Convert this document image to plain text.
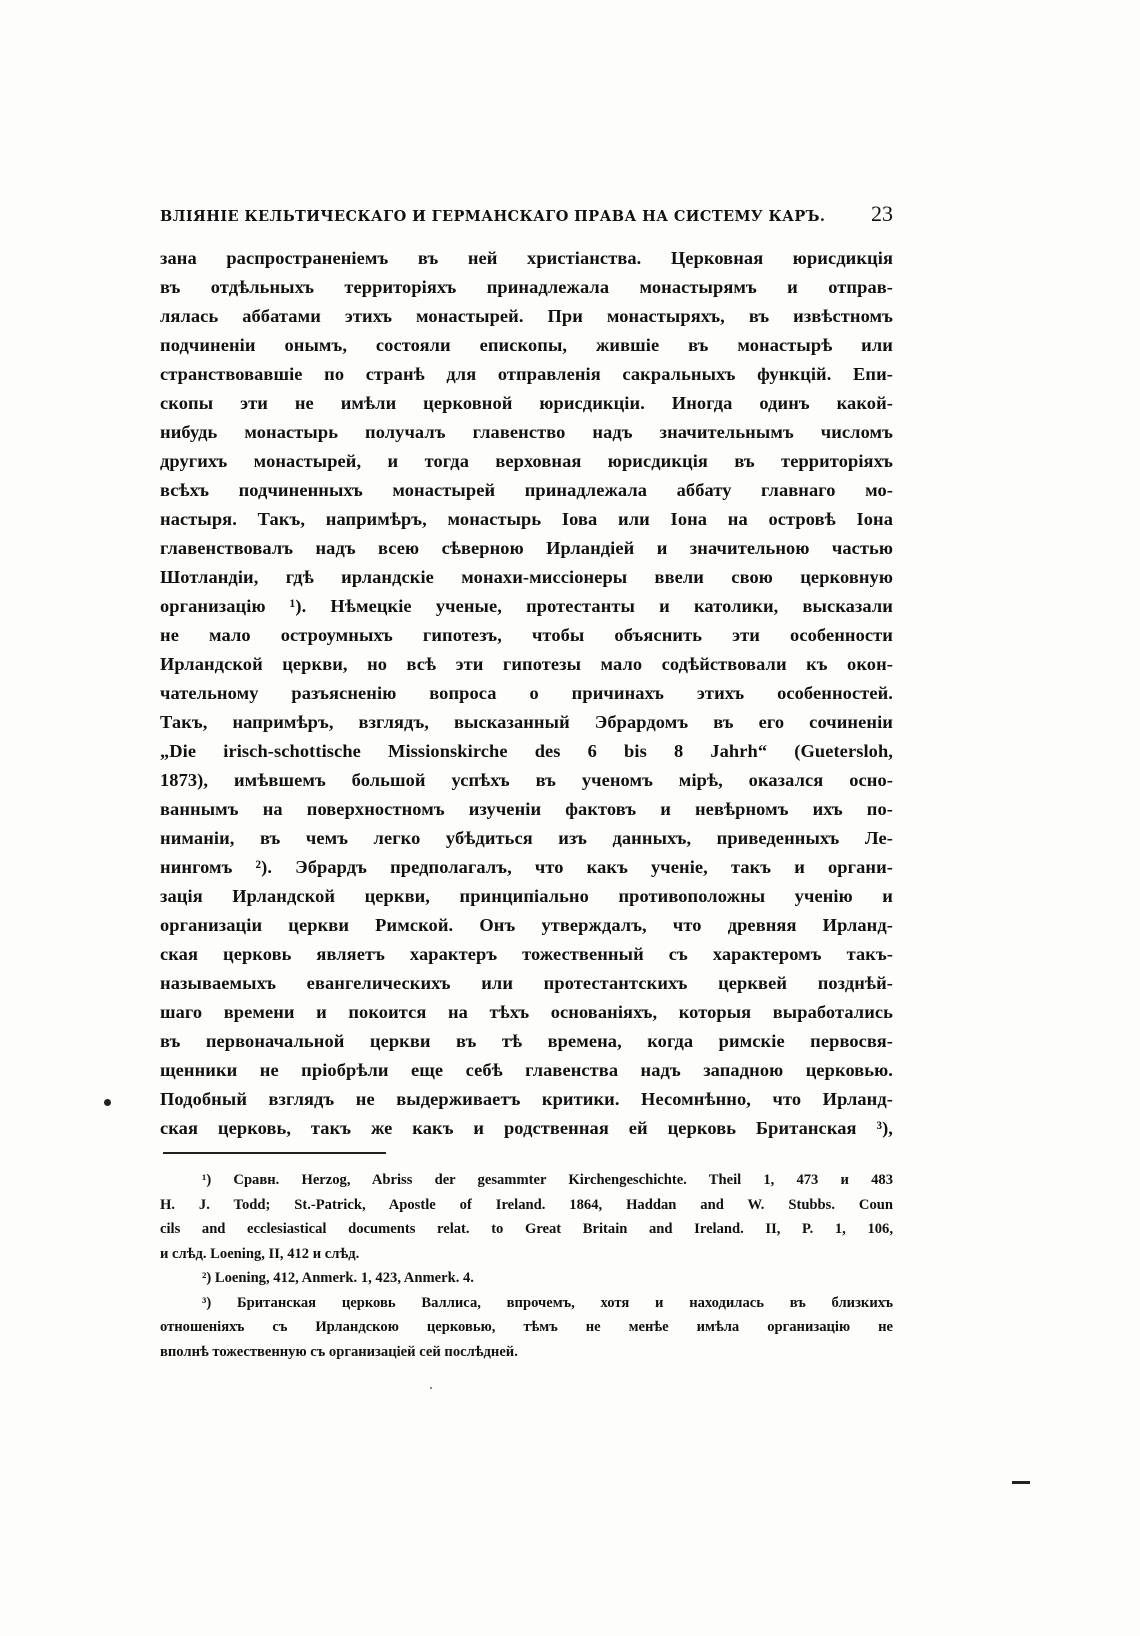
ВЛІЯНІЕ КЕЛЬТИЧЕСКАГО И ГЕРМАНСКАГО ПРАВА НА СИСТЕМУ КАРЪ. 23
зана распространеніемъ въ ней христіанства. Церковная юрисдикція
въ отдѣльныхъ территоріяхъ принадлежала монастырямъ и отправ-
лялась аббатами этихъ монастырей. При монастыряхъ, въ извѣстномъ
подчиненіи онымъ, состояли епископы, жившіе въ монастырѣ или
странствовавшіе по странѣ для отправленія сакральныхъ функцій. Епи-
скопы эти не имѣли церковной юрисдикціи. Иногда одинъ какой-
нибудь монастырь получалъ главенство надъ значительнымъ числомъ
другихъ монастырей, и тогда верховная юрисдикція въ территоріяхъ
всѣхъ подчиненныхъ монастырей принадлежала аббату главнаго мо-
настыря. Такъ, напримѣръ, монастырь Іова или Іона на островѣ Іона
главенствовалъ надъ всею сѣверною Ирландіей и значительною частью
Шотландіи, гдѣ ирландскіе монахи-миссіонеры ввели свою церковную
организацію ¹). Нѣмецкіе ученые, протестанты и католики, высказали
не мало остроумныхъ гипотезъ, чтобы объяснить эти особенности
Ирландской церкви, но всѣ эти гипотезы мало содѣйствовали къ окон-
чательному разъясненію вопроса о причинахъ этихъ особенностей.
Такъ, напримѣръ, взглядъ, высказанный Эбрардомъ въ его сочиненіи
„Die irisch-schottische Missionskirche des 6 bis 8 Jahrh“ (Guetersloh,
1873), имѣвшемъ большой успѣхъ въ ученомъ мірѣ, оказался осно-
ваннымъ на поверхностномъ изученіи фактовъ и невѣрномъ ихъ по-
ниманіи, въ чемъ легко убѣдиться изъ данныхъ, приведенныхъ Ле-
нингомъ ²). Эбрардъ предполагалъ, что какъ ученіе, такъ и органи-
зація Ирландской церкви, принципіально противоположны ученію и
организаціи церкви Римской. Онъ утверждалъ, что древняя Ирланд-
ская церковь являетъ характеръ тожественный съ характеромъ такъ-
называемыхъ евангелическихъ или протестантскихъ церквей позднѣй-
шаго времени и покоится на тѣхъ основаніяхъ, которыя выработались
въ первоначальной церкви въ тѣ времена, когда римскіе первосвя-
щенники не пріобрѣли еще себѣ главенства надъ западною церковью.
Подобный взглядъ не выдерживаетъ критики. Несомнѣнно, что Ирланд-
ская церковь, такъ же какъ и родственная ей церковь Британская ³),
¹) Сравн. Herzog, Abriss der gesammter Kirchengeschichte. Theil 1, 473 и 483
H. J. Todd; St.-Patrick, Apostle of Ireland. 1864, Haddan and W. Stubbs. Coun
cils and ecclesiastical documents relat. to Great Britain and Ireland. II, P. 1, 106,
и слѣд. Loening, II, 412 и слѣд.
²) Loening, 412, Anmerk. 1, 423, Anmerk. 4.
³) Британская церковь Валлиса, впрочемъ, хотя и находилась въ близкихъ
отношеніяхъ съ Ирландскою церковью, тѣмъ не менѣе имѣла организацію не
вполнѣ тожественную съ организаціей сей послѣдней.
